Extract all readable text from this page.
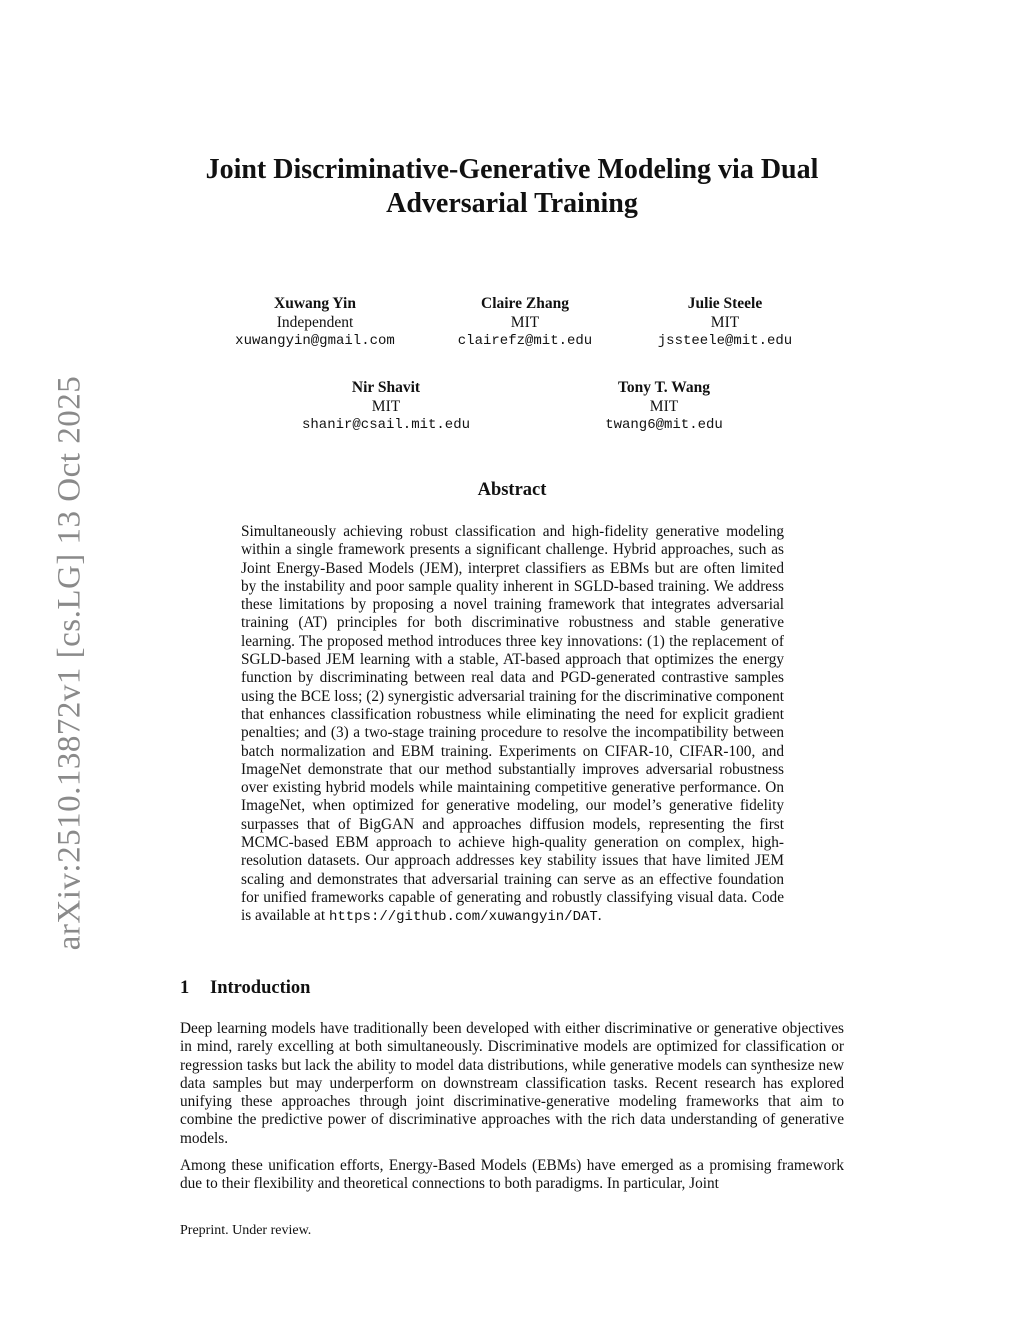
arXiv:2510.13872v1 [cs.LG] 13 Oct 2025
Joint Discriminative-Generative Modeling via Dual Adversarial Training
Xuwang Yin
Independent
xuwangyin@gmail.com
Claire Zhang
MIT
clairefz@mit.edu
Julie Steele
MIT
jssteele@mit.edu
Nir Shavit
MIT
shanir@csail.mit.edu
Tony T. Wang
MIT
twang6@mit.edu
Abstract

Simultaneously achieving robust classification and high-fidelity generative modeling within a single framework presents a significant challenge. Hybrid approaches, such as Joint Energy-Based Models (JEM), interpret classifiers as EBMs but are often limited by the instability and poor sample quality inherent in SGLD-based training. We address these limitations by proposing a novel training framework that integrates adversarial training (AT) principles for both discriminative robustness and stable generative learning. The proposed method introduces three key innovations: (1) the replacement of SGLD-based JEM learning with a stable, AT-based approach that optimizes the energy function by discriminating between real data and PGD-generated contrastive samples using the BCE loss; (2) synergistic adversarial training for the discriminative component that enhances classification robustness while eliminating the need for explicit gradient penalties; and (3) a two-stage training procedure to resolve the incompatibility between batch normalization and EBM training. Experiments on CIFAR-10, CIFAR-100, and ImageNet demonstrate that our method substantially improves adversarial robustness over existing hybrid models while maintaining competitive generative performance. On ImageNet, when optimized for generative modeling, our model’s generative fidelity surpasses that of BigGAN and approaches diffusion models, representing the first MCMC-based EBM approach to achieve high-quality generation on complex, high-resolution datasets. Our approach addresses key stability issues that have limited JEM scaling and demonstrates that adversarial training can serve as an effective foundation for unified frameworks capable of generating and robustly classifying visual data. Code is available at https://github.com/xuwangyin/DAT.

1 Introduction

Deep learning models have traditionally been developed with either discriminative or generative objectives in mind, rarely excelling at both simultaneously. Discriminative models are optimized for classification or regression tasks but lack the ability to model data distributions, while generative models can synthesize new data samples but may underperform on downstream classification tasks. Recent research has explored unifying these approaches through joint discriminative-generative modeling frameworks that aim to combine the predictive power of discriminative approaches with the rich data understanding of generative models.

Among these unification efforts, Energy-Based Models (EBMs) have emerged as a promising framework due to their flexibility and theoretical connections to both paradigms. In particular, Joint

Preprint. Under review.
